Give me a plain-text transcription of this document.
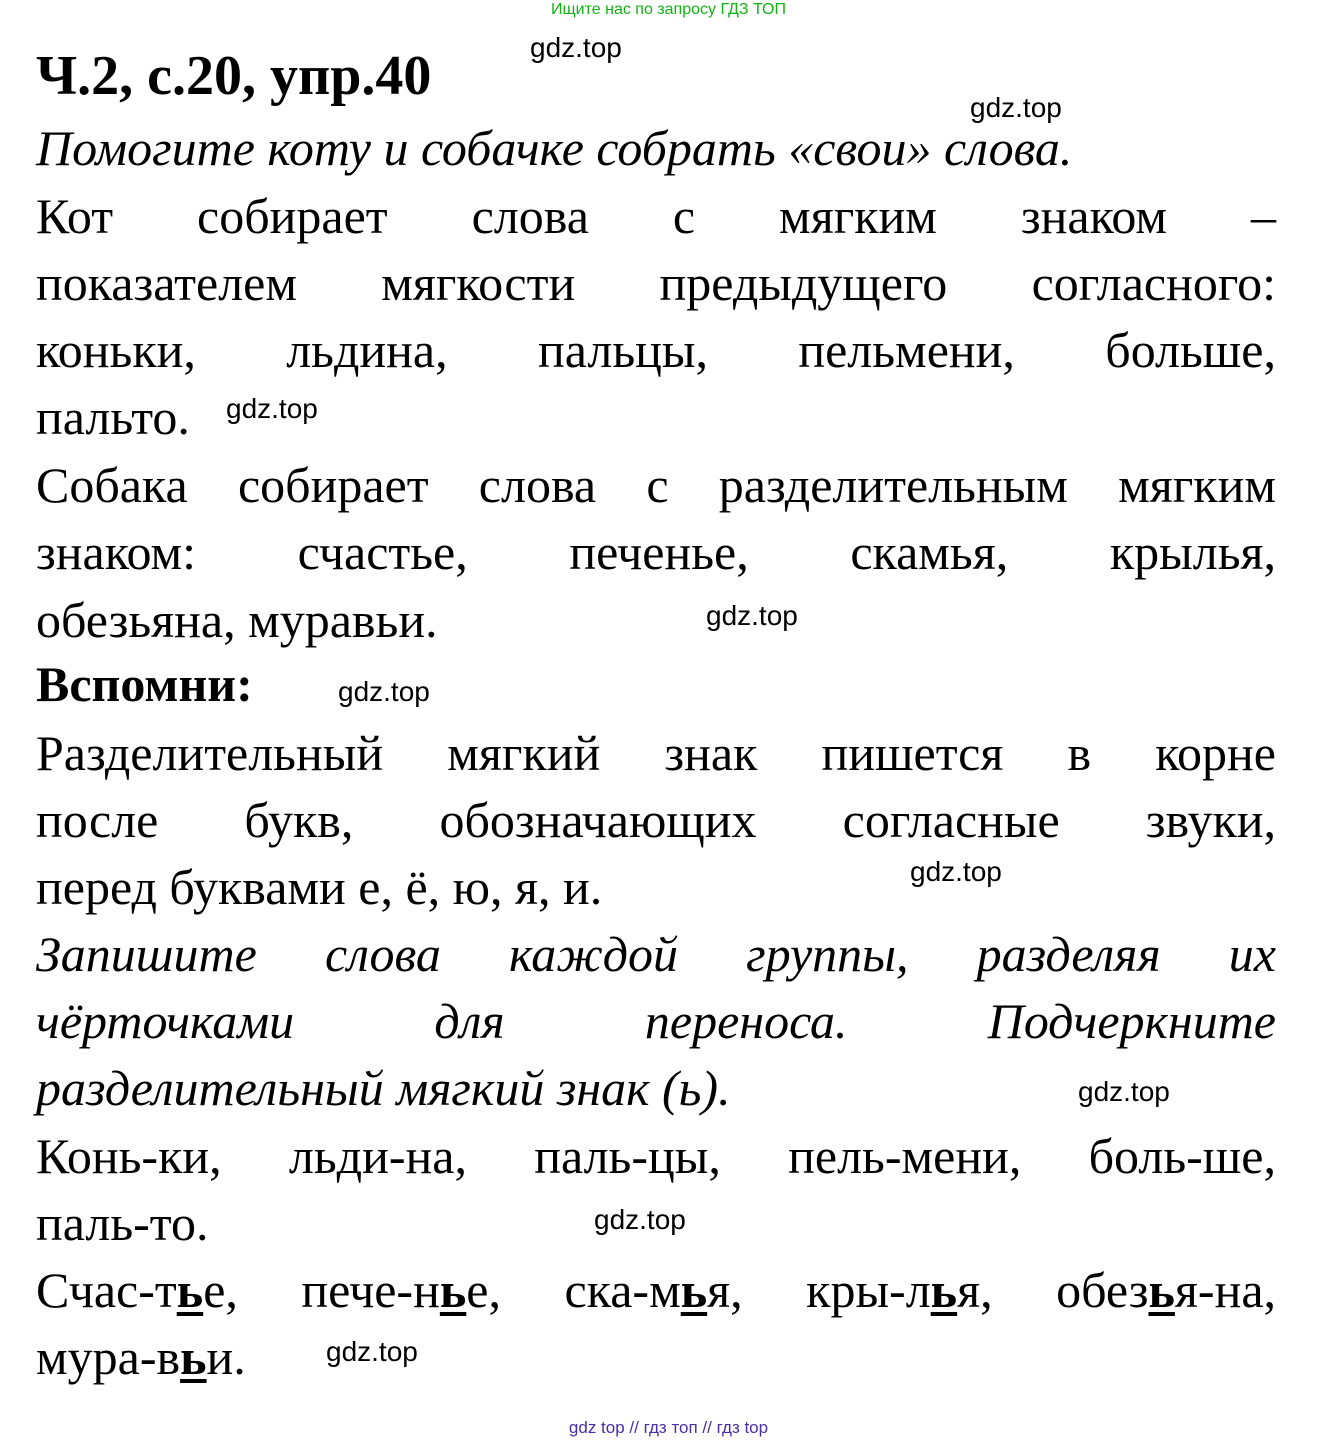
Ищите нас по запросу ГДЗ ТОП
Ч.2, с.20, упр.40	gdz.top
gdz.top
Помогите коту и собачке собрать «свои» слова.
Кот собирает слова с мягким знаком –
показателем мягкости предыдущего согласного:
коньки, льдина, пальцы, пельмени, больше,
пальто.	gdz.top
Собака собирает слова с разделительным мягким
знаком: счастье, печенье, скамья, крылья,
обезьяна, муравьи.	gdz.top
Вспомни:	gdz.top
Разделительный мягкий знак пишется в корне
после букв, обозначающих согласные звуки,
перед буквами е, ё, ю, я, и.	gdz.top
Запишите слова каждой группы, разделяя их
чёрточками для переноса. Подчеркните
разделительный мягкий знак (ь).	gdz.top
Конь-ки, льди-на, паль-цы, пель-мени, боль-ше,
паль-то.	gdz.top
Счас-тье, пече-нье, ска-мья, кры-лья, обезья-на,
мура-вьи.	gdz.top
gdz top // гдз топ // гдз top
